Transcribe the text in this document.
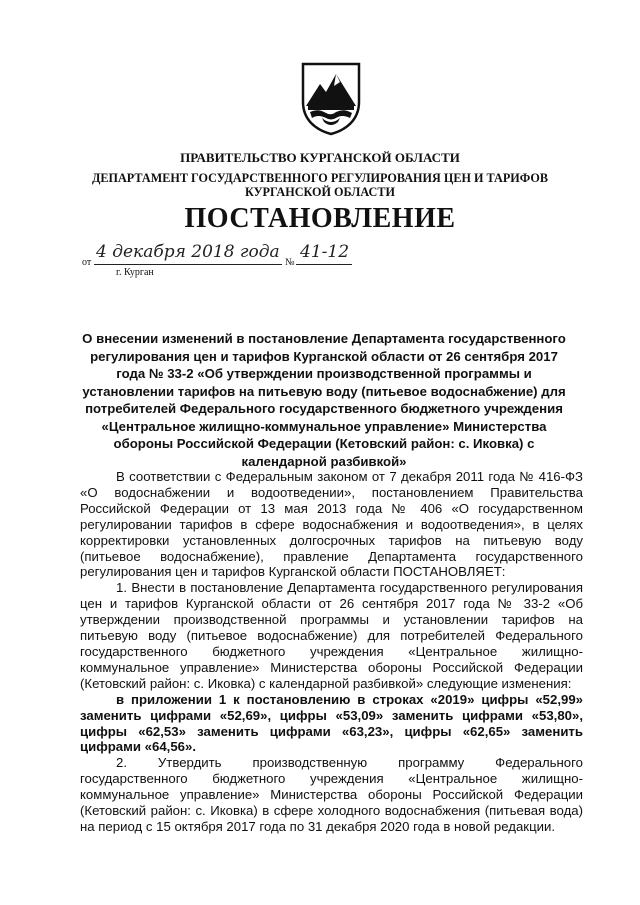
ПРАВИТЕЛЬСТВО КУРГАНСКОЙ ОБЛАСТИ
ДЕПАРТАМЕНТ ГОСУДАРСТВЕННОГО РЕГУЛИРОВАНИЯ ЦЕН И ТАРИФОВ
КУРГАНСКОЙ ОБЛАСТИ
ПОСТАНОВЛЕНИЕ
от
4 декабря 2018 года
№
41-12
г. Курган
О внесении изменений в постановление Департамента государственного регулирования цен и тарифов Курганской области от 26 сентября 2017 года № 33-2 «Об утверждении производственной программы и установлении тарифов на питьевую воду (питьевое водоснабжение) для потребителей Федерального государственного бюджетного учреждения «Центральное жилищно-коммунальное управление» Министерства обороны Российской Федерации (Кетовский район: с. Иковка) с календарной разбивкой»

В соответствии с Федеральным законом от 7 декабря 2011 года № 416-ФЗ «О водоснабжении и водоотведении», постановлением Правительства Российской Федерации от 13 мая 2013 года № 406 «О государственном регулировании тарифов в сфере водоснабжения и водоотведения», в целях корректировки установленных долгосрочных тарифов на питьевую воду (питьевое водоснабжение), правление Департамента государственного регулирования цен и тарифов Курганской области ПОСТАНОВЛЯЕТ:

1. Внести в постановление Департамента государственного регулирования цен и тарифов Курганской области от 26 сентября 2017 года № 33-2 «Об утверждении производственной программы и установлении тарифов на питьевую воду (питьевое водоснабжение) для потребителей Федерального государственного бюджетного учреждения «Центральное жилищно-коммунальное управление» Министерства обороны Российской Федерации (Кетовский район: с. Иковка) с календарной разбивкой» следующие изменения:

в приложении 1 к постановлению в строках «2019» цифры «52,99» заменить цифрами «52,69», цифры «53,09» заменить цифрами «53,80», цифры «62,53» заменить цифрами «63,23», цифры «62,65» заменить цифрами «64,56».

2. Утвердить производственную программу Федерального государственного бюджетного учреждения «Центральное жилищно-коммунальное управление» Министерства обороны Российской Федерации (Кетовский район: с. Иковка) в сфере холодного водоснабжения (питьевая вода) на период с 15 октября 2017 года по 31 декабря 2020 года в новой редакции.
